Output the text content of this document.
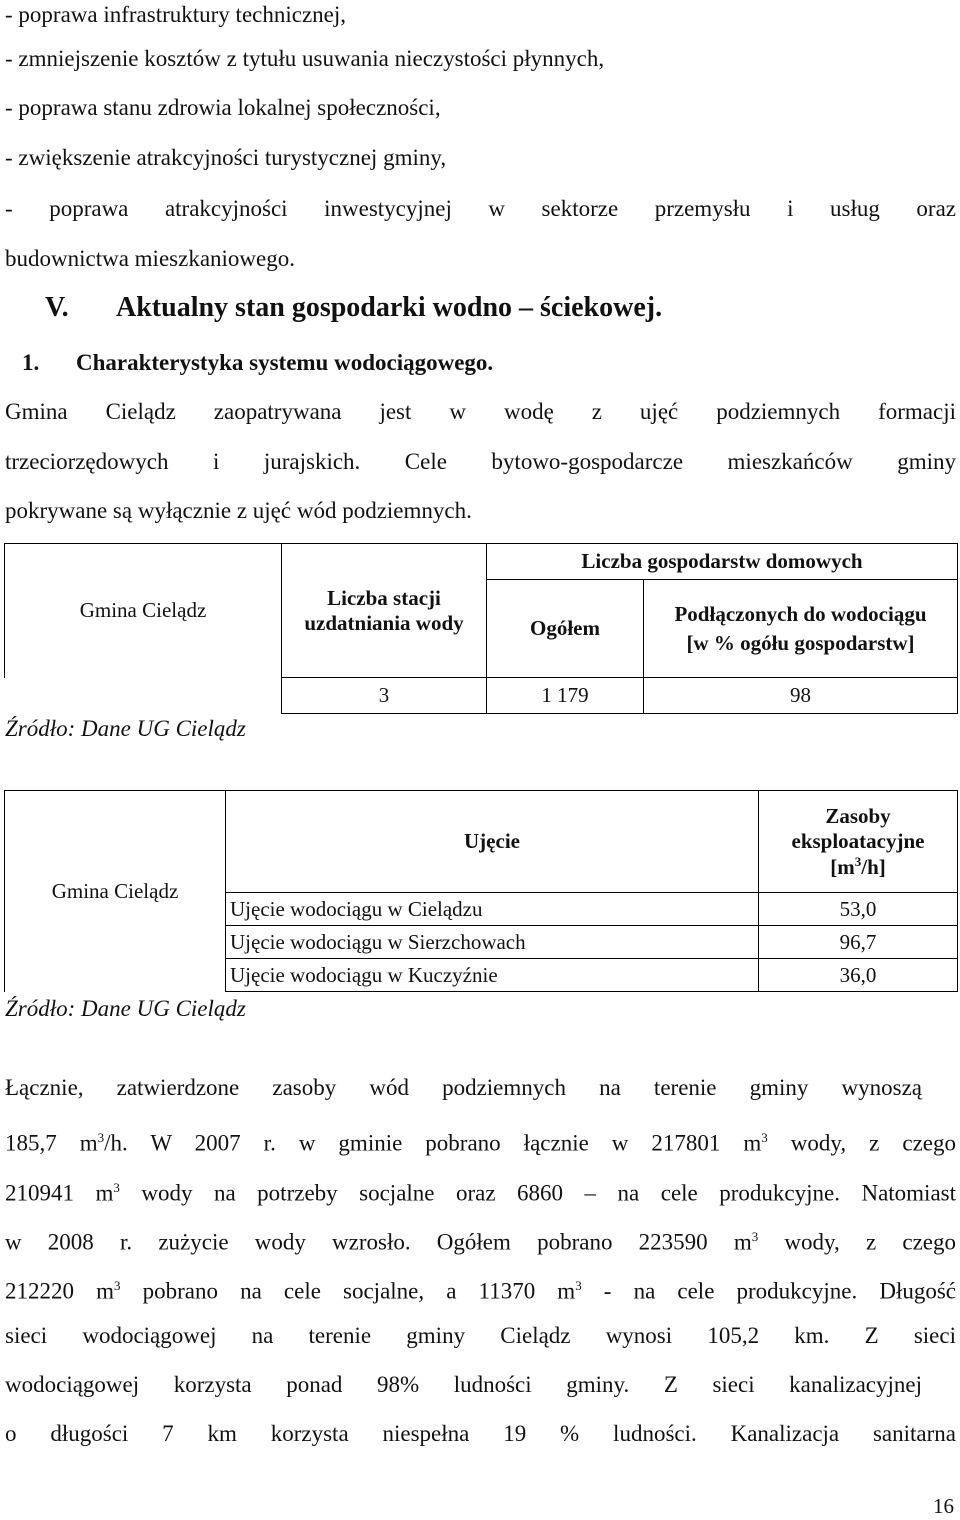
- poprawa infrastruktury technicznej,
- zmniejszenie kosztów z tytułu usuwania nieczystości płynnych,
- poprawa stanu zdrowia lokalnej społeczności,
- zwiększenie atrakcyjności turystycznej gminy,
- poprawa atrakcyjności inwestycyjnej w sektorze przemysłu i usług oraz
budownictwa mieszkaniowego.
V. Aktualny stan gospodarki wodno – ściekowej.
1. Charakterystyka systemu wodociągowego.
Gmina Cielądz zaopatrywana jest w wodę z ujęć podziemnych formacji
trzeciorzędowych i jurajskich. Cele bytowo-gospodarcze mieszkańców gminy
pokrywane są wyłącznie z ujęć wód podziemnych.
Gmina Cielądz	Liczba stacji uzdatniania wody	Liczba gospodarstw domowych	
		Ogółem	Podłączonych do wodociągu
[w % ogółu gospodarstw]

	3	1 179	98
Źródło: Dane UG Cielądz
Gmina Cielądz	Ujęcie	Zasoby eksploatacyjne
$[m^3/h]$

	Ujęcie wodociągu w Cielądzu	53,0
	Ujęcie wodociągu w Sierzchowach	96,7
	Ujęcie wodociągu w Kuczyźnie	36,0
Źródło: Dane UG Cielądz
Łącznie, zatwierdzone zasoby wód podziemnych na terenie gminy wynoszą
185,7 $m^3/h$. W 2007 r. w gminie pobrano łącznie w 217801 $m^3$ wody, z czego
210941 $m^3$ wody na potrzeby socjalne oraz 6860 – na cele produkcyjne. Natomiast
w 2008 r. zużycie wody wzrosło. Ogółem pobrano 223590 $m^3$ wody, z czego
212220 $m^3$ pobrano na cele socjalne, a 11370 $m^3$ - na cele produkcyjne. Długość
sieci wodociągowej na terenie gminy Cielądz wynosi 105,2 km. Z sieci
wodociągowej korzysta ponad 98% ludności gminy. Z sieci kanalizacyjnej
o długości 7 km korzysta niespełna 19 % ludności. Kanalizacja sanitarna
16
